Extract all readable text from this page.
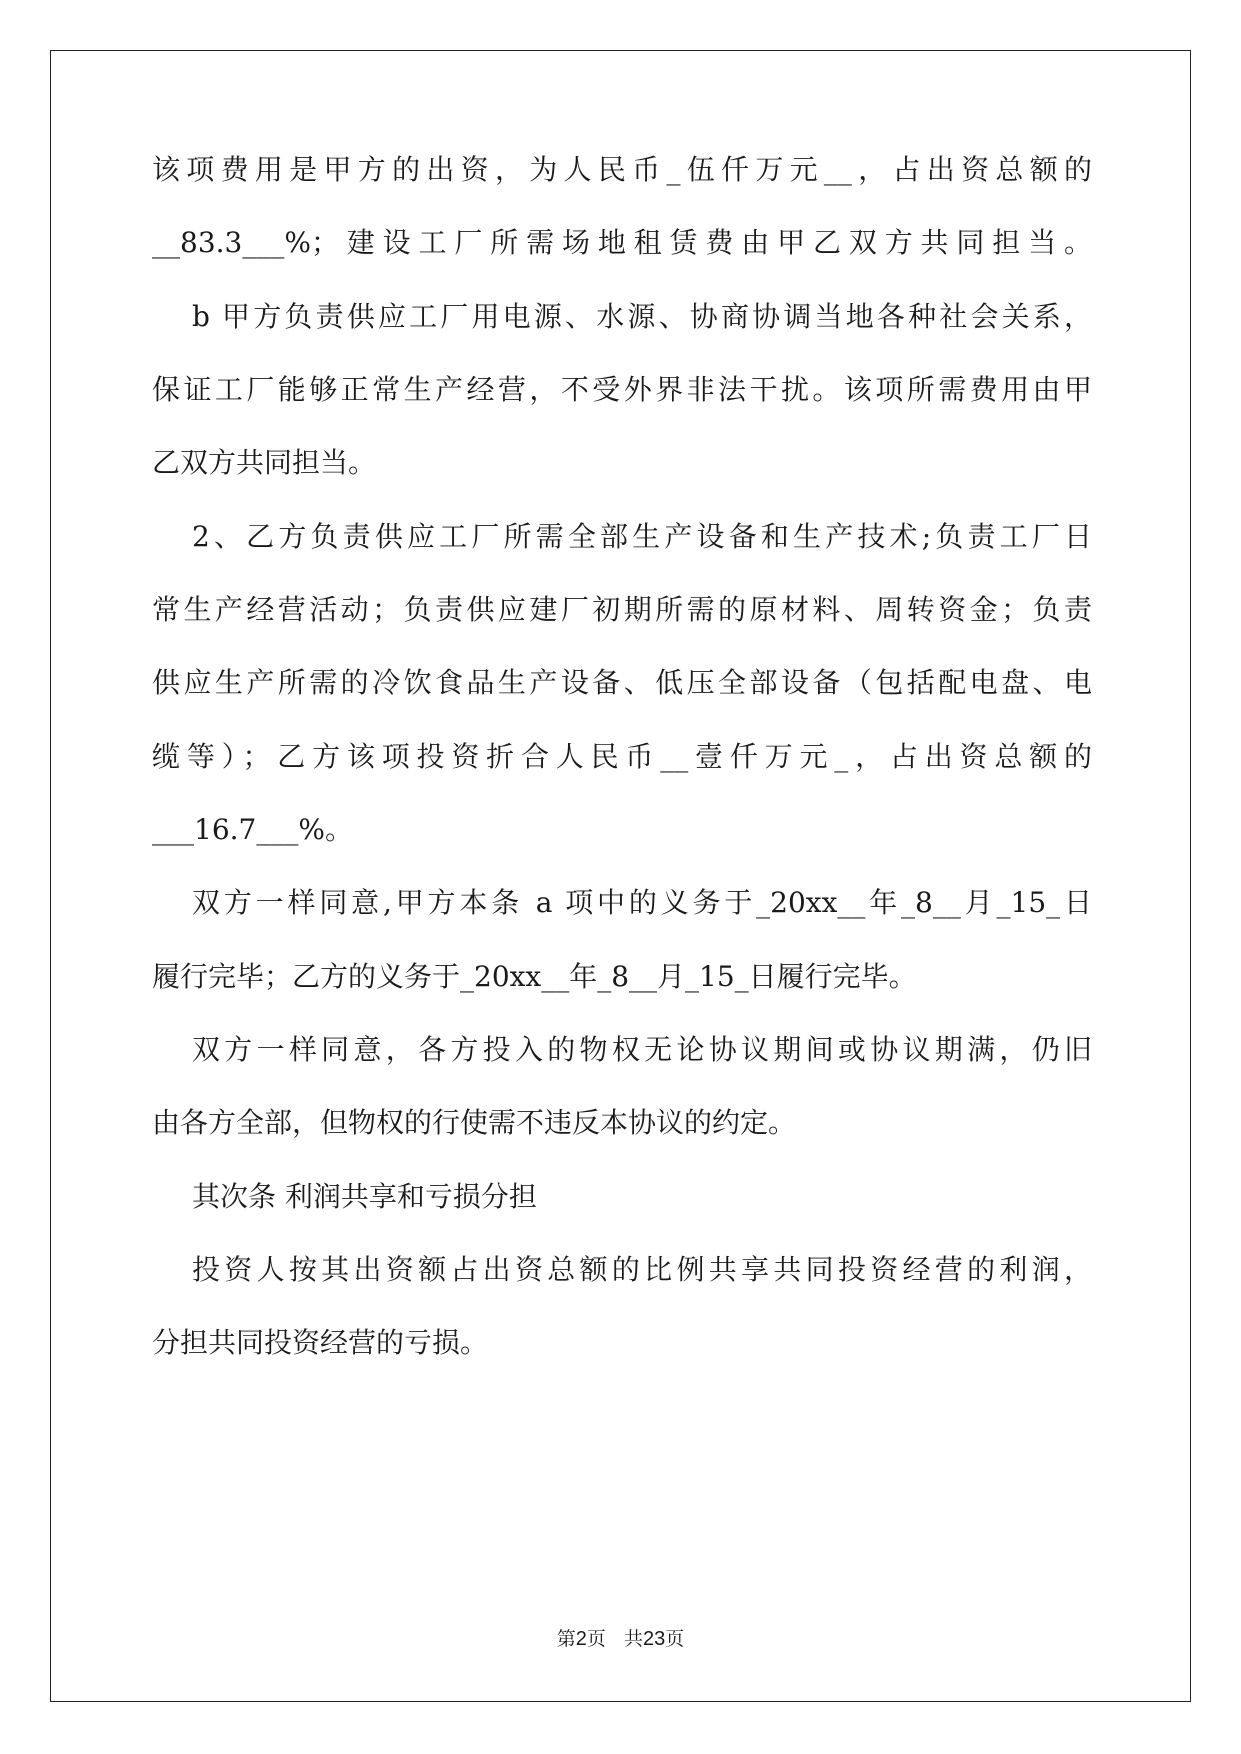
该项费用是甲方的出资，为人民币_伍仟万元__，占出资总额的
__83.3___%；建设工厂所需场地租赁费由甲乙双方共同担当。
b 甲方负责供应工厂用电源、水源、协商协调当地各种社会关系，
保证工厂能够正常生产经营，不受外界非法干扰。该项所需费用由甲
乙双方共同担当。
2、乙方负责供应工厂所需全部生产设备和生产技术;负责工厂日
常生产经营活动；负责供应建厂初期所需的原材料、周转资金；负责
供应生产所需的冷饮食品生产设备、低压全部设备（包括配电盘、电
缆等）；乙方该项投资折合人民币__壹仟万元_，占出资总额的
___16.7___%。
双方一样同意,甲方本条 a 项中的义务于_20xx__年_8__月_15_日
履行完毕；乙方的义务于_20xx__年_8__月_15_日履行完毕。
双方一样同意，各方投入的物权无论协议期间或协议期满，仍旧
由各方全部，但物权的行使需不违反本协议的约定。
其次条 利润共享和亏损分担
投资人按其出资额占出资总额的比例共享共同投资经营的利润，
分担共同投资经营的亏损。
第2页 共23页
